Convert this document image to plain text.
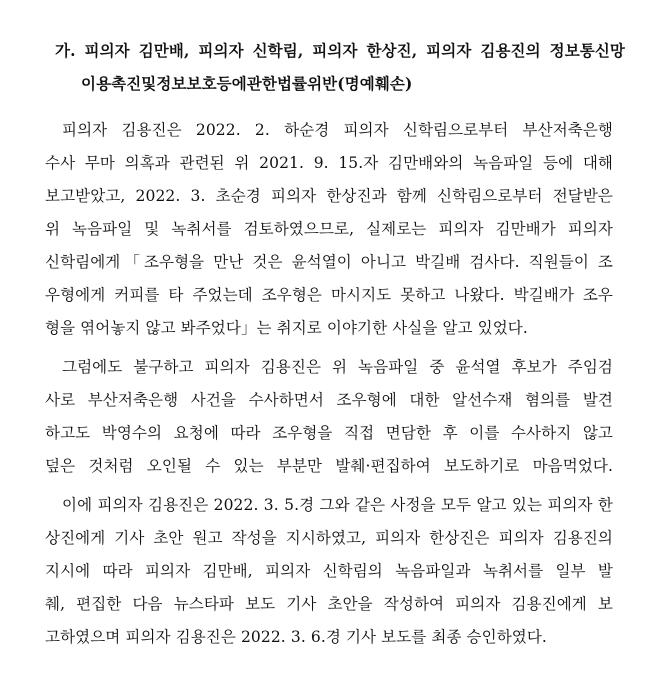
가. 피의자 김만배, 피의자 신학림, 피의자 한상진, 피의자 김용진의 정보통신망
이용촉진및정보보호등에관한법률위반(명예훼손)
피의자 김용진은 2022. 2. 하순경 피의자 신학림으로부터 부산저축은행
수사 무마 의혹과 관련된 위 2021. 9. 15.자 김만배와의 녹음파일 등에 대해
보고받았고, 2022. 3. 초순경 피의자 한상진과 함께 신학림으로부터 전달받은
위 녹음파일 및 녹취서를 검토하였으므로, 실제로는 피의자 김만배가 피의자
신학림에게「조우형을 만난 것은 윤석열이 아니고 박길배 검사다. 직원들이 조
우형에게 커피를 타 주었는데 조우형은 마시지도 못하고 나왔다. 박길배가 조우
형을 엮어놓지 않고 봐주었다」는 취지로 이야기한 사실을 알고 있었다.
그럼에도 불구하고 피의자 김용진은 위 녹음파일 중 윤석열 후보가 주임검
사로 부산저축은행 사건을 수사하면서 조우형에 대한 알선수재 혐의를 발견
하고도 박영수의 요청에 따라 조우형을 직접 면담한 후 이를 수사하지 않고
덮은 것처럼 오인될 수 있는 부분만 발췌·편집하여 보도하기로 마음먹었다.
이에 피의자 김용진은 2022. 3. 5.경 그와 같은 사정을 모두 알고 있는 피의자 한
상진에게 기사 초안 원고 작성을 지시하였고, 피의자 한상진은 피의자 김용진의
지시에 따라 피의자 김만배, 피의자 신학림의 녹음파일과 녹취서를 일부 발
췌, 편집한 다음 뉴스타파 보도 기사 초안을 작성하여 피의자 김용진에게 보
고하였으며 피의자 김용진은 2022. 3. 6.경 기사 보도를 최종 승인하였다.
